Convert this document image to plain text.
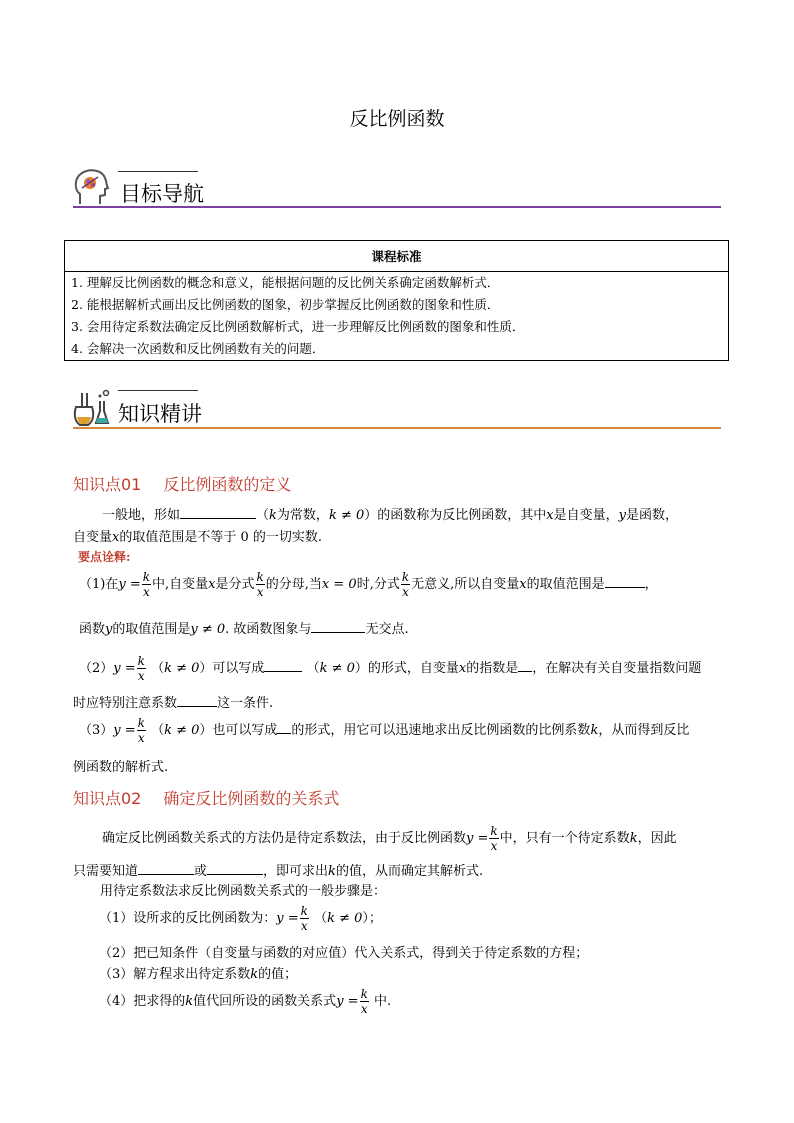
反比例函数
目标导航
课程标准
1. 理解反比例函数的概念和意义，能根据问题的反比例关系确定函数解析式．
2. 能根据解析式画出反比例函数的图象，初步掌握反比例函数的图象和性质．
3. 会用待定系数法确定反比例函数解析式，进一步理解反比例函数的图象和性质．
4. 会解决一次函数和反比例函数有关的问题．
知识精讲
知识点01 反比例函数的定义
一般地，形如	（k为常数，k ≠ 0）的函数称为反比例函数，其中x是自变量，y是函数，
自变量x的取值范围是不等于 0 的一切实数.
要点诠释:
（1)在$y = \frac{k}{x}$ 中,自变量x是分式 $\frac{k}{x}$ 的分母,当x = 0时,分式 $\frac{k}{x}$ 无意义,所以自变量x的取值范围是	，
函数y的取值范围是y ≠ 0. 故函数图象与	无交点.
$(2)y = \frac{k}{x} (k \ne 0)$可以写成	（k ≠ 0）的形式，自变量x的指数是 ，在解决有关自变量指数问题
时应特别注意系数	这一条件.
$(3)y = \frac{k}{x} (k \ne 0)$也可以写成 的形式，用它可以迅速地求出反比例函数的比例系数k，从而得到反比
例函数的解析式.
知识点02 确定反比例函数的关系式
确定反比例函数关系式的方法仍是待定系数法，由于反比例函数$y = \frac{k}{x}$ 中，只有一个待定系数k，因此
只需要知道	或	，即可求出k的值，从而确定其解析式.
用待定系数法求反比例函数关系式的一般步骤是：
（1）设所求的反比例函数为：$y = \frac{k}{x} (k \ne 0)$；
（2）把已知条件（自变量与函数的对应值）代入关系式，得到关于待定系数的方程；
（3）解方程求出待定系数k的值；
（4）把求得的k值代回所设的函数关系式$y = \frac{k}{x}$ 中.
